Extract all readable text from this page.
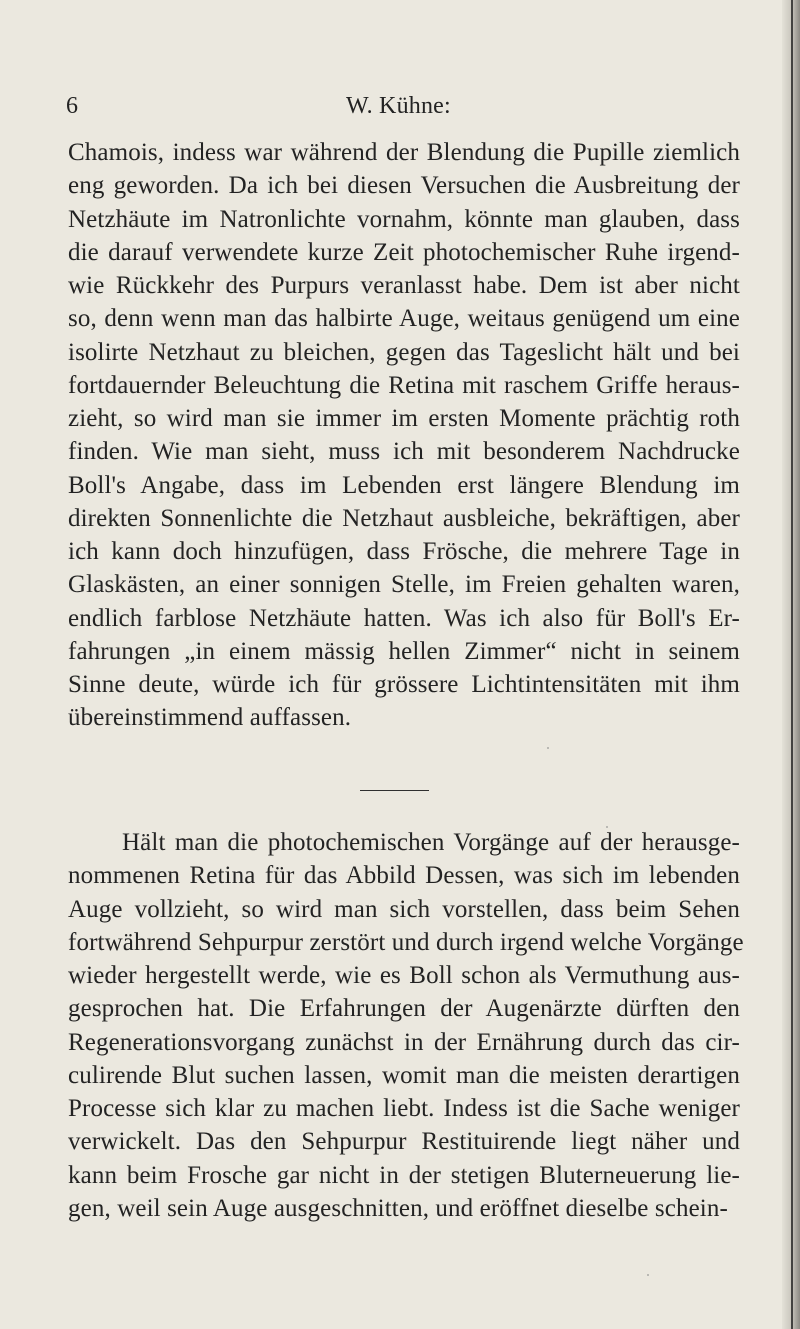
6	W. Kühne:
Chamois, indess war während der Blendung die Pupille ziemlich
eng geworden. Da ich bei diesen Versuchen die Ausbreitung der
Netzhäute im Natronlichte vornahm, könnte man glauben, dass
die darauf verwendete kurze Zeit photochemischer Ruhe irgend-
wie Rückkehr des Purpurs veranlasst habe. Dem ist aber nicht
so, denn wenn man das halbirte Auge, weitaus genügend um eine
isolirte Netzhaut zu bleichen, gegen das Tageslicht hält und bei
fortdauernder Beleuchtung die Retina mit raschem Griffe heraus-
zieht, so wird man sie immer im ersten Momente prächtig roth
finden. Wie man sieht, muss ich mit besonderem Nachdrucke
Boll's Angabe, dass im Lebenden erst längere Blendung im
direkten Sonnenlichte die Netzhaut ausbleiche, bekräftigen, aber
ich kann doch hinzufügen, dass Frösche, die mehrere Tage in
Glaskästen, an einer sonnigen Stelle, im Freien gehalten waren,
endlich farblose Netzhäute hatten. Was ich also für Boll's Er-
fahrungen „in einem mässig hellen Zimmer“ nicht in seinem
Sinne deute, würde ich für grössere Lichtintensitäten mit ihm
übereinstimmend auffassen.
Hält man die photochemischen Vorgänge auf der herausge-
nommenen Retina für das Abbild Dessen, was sich im lebenden
Auge vollzieht, so wird man sich vorstellen, dass beim Sehen
fortwährend Sehpurpur zerstört und durch irgend welche Vorgänge
wieder hergestellt werde, wie es Boll schon als Vermuthung aus-
gesprochen hat. Die Erfahrungen der Augenärzte dürften den
Regenerationsvorgang zunächst in der Ernährung durch das cir-
culirende Blut suchen lassen, womit man die meisten derartigen
Processe sich klar zu machen liebt. Indess ist die Sache weniger
verwickelt. Das den Sehpurpur Restituirende liegt näher und
kann beim Frosche gar nicht in der stetigen Bluterneuerung lie-
gen, weil sein Auge ausgeschnitten, und eröffnet dieselbe schein-
